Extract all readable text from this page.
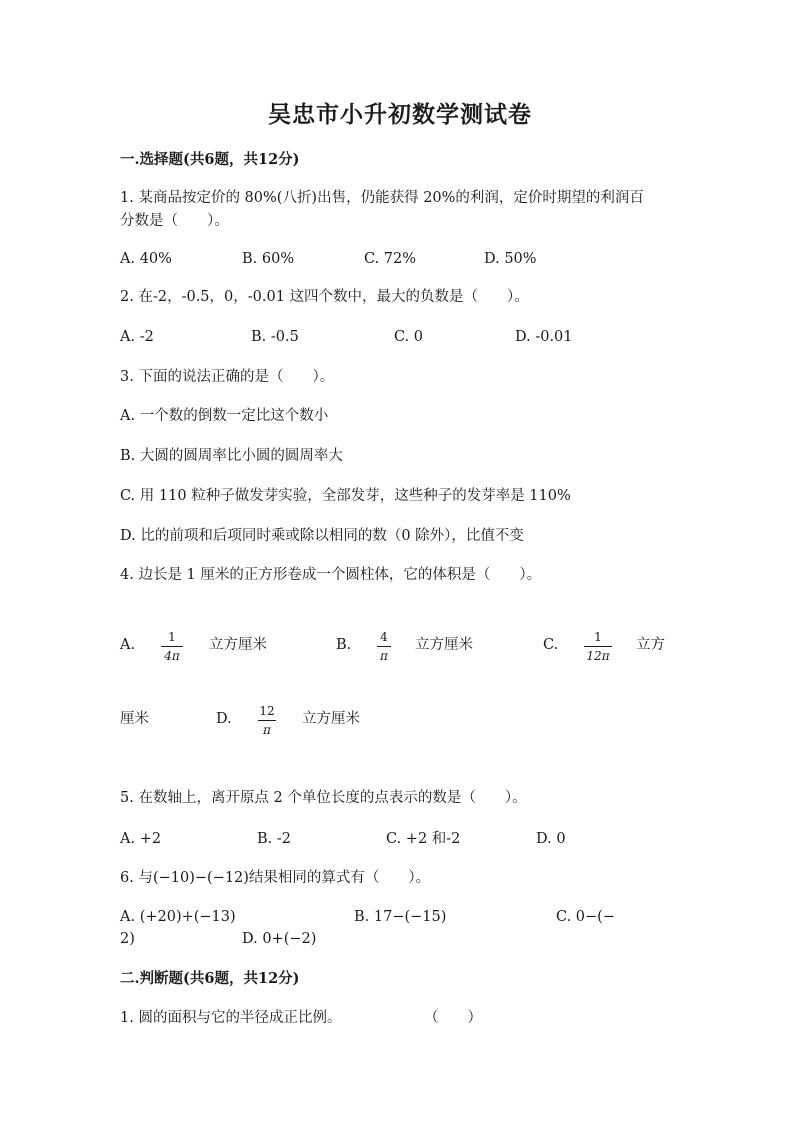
吴忠市小升初数学测试卷
一.选择题(共6题，共12分)
1. 某商品按定价的 80%(八折)出售，仍能获得 20%的利润，定价时期望的利润百
分数是（　　）。
A. 40%	B. 60%	C. 72%	D. 50%
2. 在-2，-0.5，0，-0.01 这四个数中，最大的负数是（　　）。
A. -2	B. -0.5	C. 0	D. -0.01
3. 下面的说法正确的是（　　）。
A. 一个数的倒数一定比这个数小
B. 大圆的圆周率比小圆的圆周率大
C. 用 110 粒种子做发芽实验，全部发芽，这些种子的发芽率是 110%
D. 比的前项和后项同时乘或除以相同的数（0 除外），比值不变
4. 边长是 1 厘米的正方形卷成一个圆柱体，它的体积是（　　）。
A.	1
4π
立方厘米	B.	4
π
立方厘米	C.	1
12π
立方
厘米	D.	12
π
立方厘米
5. 在数轴上，离开原点 2 个单位长度的点表示的数是（　　）。
A. +2	B. -2	C. +2 和-2	D. 0
6. 与(−10)−(−12)结果相同的算式有（　　）。
A. (+20)+(−13)	B. 17−(−15)	C. 0−(−
2)	D. 0+(−2)
二.判断题(共6题，共12分)
1. 圆的面积与它的半径成正比例。	（　　）
